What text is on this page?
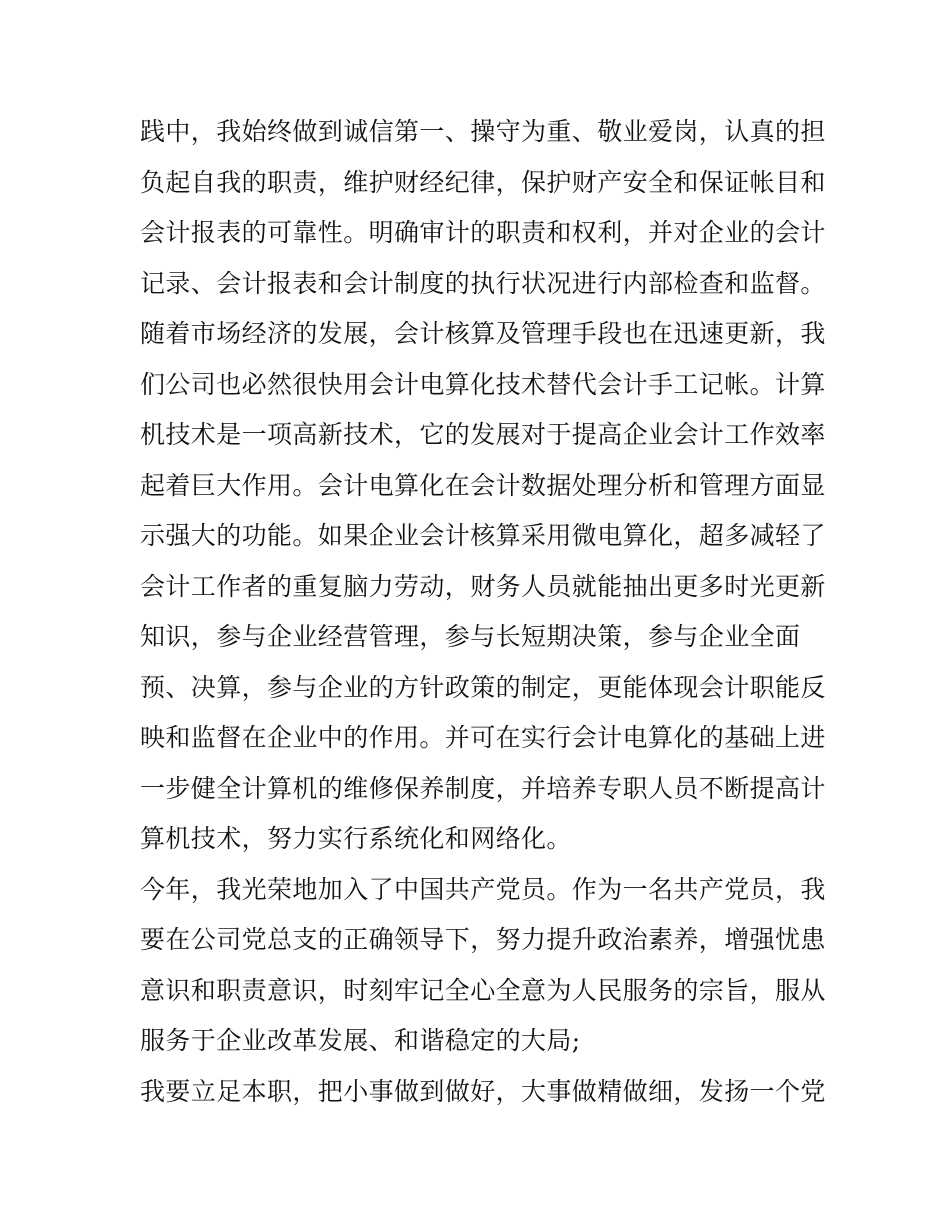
践中，我始终做到诚信第一、操守为重、敬业爱岗，认真的担
负起自我的职责，维护财经纪律，保护财产安全和保证帐目和
会计报表的可靠性。明确审计的职责和权利，并对企业的会计
记录、会计报表和会计制度的执行状况进行内部检查和监督。
随着市场经济的发展，会计核算及管理手段也在迅速更新，我
们公司也必然很快用会计电算化技术替代会计手工记帐。计算
机技术是一项高新技术，它的发展对于提高企业会计工作效率
起着巨大作用。会计电算化在会计数据处理分析和管理方面显
示强大的功能。如果企业会计核算采用微电算化，超多减轻了
会计工作者的重复脑力劳动，财务人员就能抽出更多时光更新
知识，参与企业经营管理，参与长短期决策，参与企业全面
预、决算，参与企业的方针政策的制定，更能体现会计职能反
映和监督在企业中的作用。并可在实行会计电算化的基础上进
一步健全计算机的维修保养制度，并培养专职人员不断提高计
算机技术，努力实行系统化和网络化。
今年，我光荣地加入了中国共产党员。作为一名共产党员，我
要在公司党总支的正确领导下，努力提升政治素养，增强忧患
意识和职责意识，时刻牢记全心全意为人民服务的宗旨，服从
服务于企业改革发展、和谐稳定的大局;
我要立足本职，把小事做到做好，大事做精做细，发扬一个党
